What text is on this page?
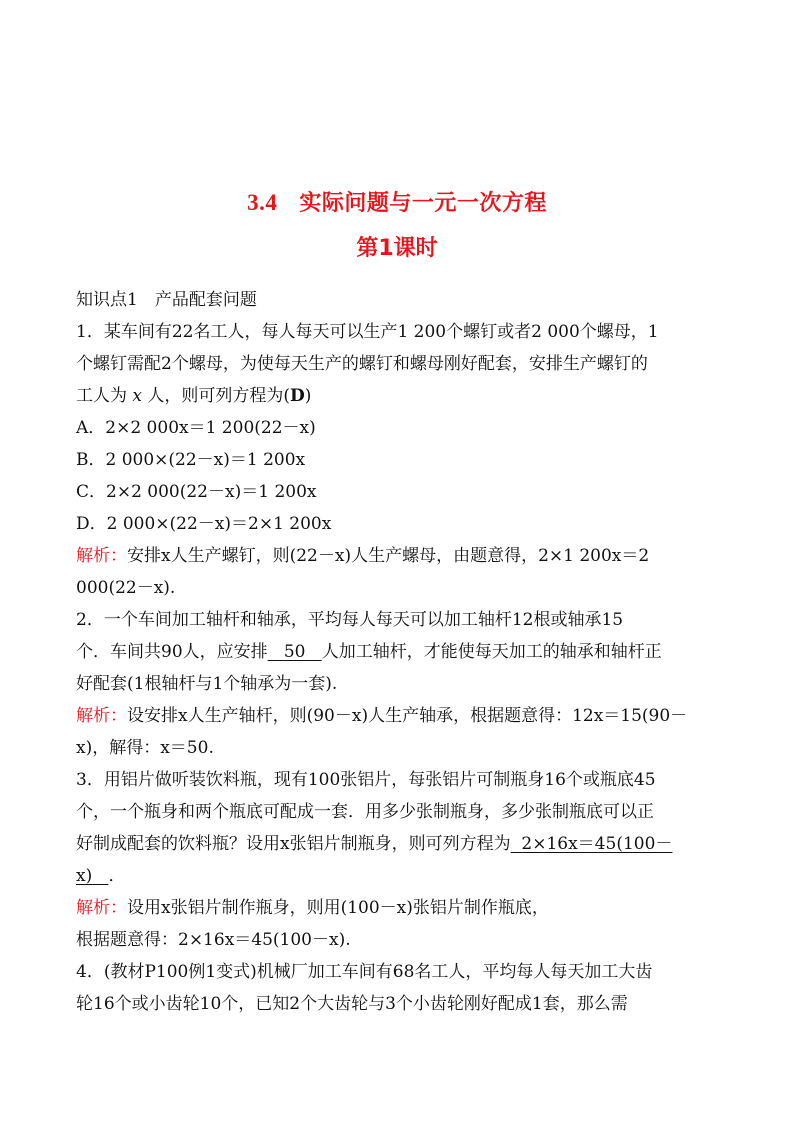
3.4 实际问题与一元一次方程
第1课时
知识点1　产品配套问题
1．某车间有22名工人，每人每天可以生产1 200个螺钉或者2 000个螺母，1
个螺钉需配2个螺母，为使每天生产的螺钉和螺母刚好配套，安排生产螺钉的
工人为 x 人，则可列方程为(D)
A．2×2 000x＝1 200(22－x)
B．2 000×(22－x)＝1 200x
C．2×2 000(22－x)＝1 200x
D．2 000×(22－x)＝2×1 200x
解析：安排x人生产螺钉，则(22－x)人生产螺母，由题意得，2×1 200x＝2
000(22－x).
2．一个车间加工轴杆和轴承，平均每人每天可以加工轴杆12根或轴承15
个．车间共90人，应安排 50 人加工轴杆，才能使每天加工的轴承和轴杆正
好配套(1根轴杆与1个轴承为一套).
解析：设安排x人生产轴杆，则(90－x)人生产轴承，根据题意得：12x＝15(90－
x)，解得：x＝50.
3．用铝片做听装饮料瓶，现有100张铝片，每张铝片可制瓶身16个或瓶底45
个，一个瓶身和两个瓶底可配成一套．用多少张制瓶身，多少张制瓶底可以正
好制成配套的饮料瓶？设用x张铝片制瓶身，则可列方程为 2×16x＝45(100－
x) ．
解析：设用x张铝片制作瓶身，则用(100－x)张铝片制作瓶底，
根据题意得：2×16x＝45(100－x).
4．(教材P100例1变式)机械厂加工车间有68名工人，平均每人每天加工大齿
轮16个或小齿轮10个，已知2个大齿轮与3个小齿轮刚好配成1套，那么需
